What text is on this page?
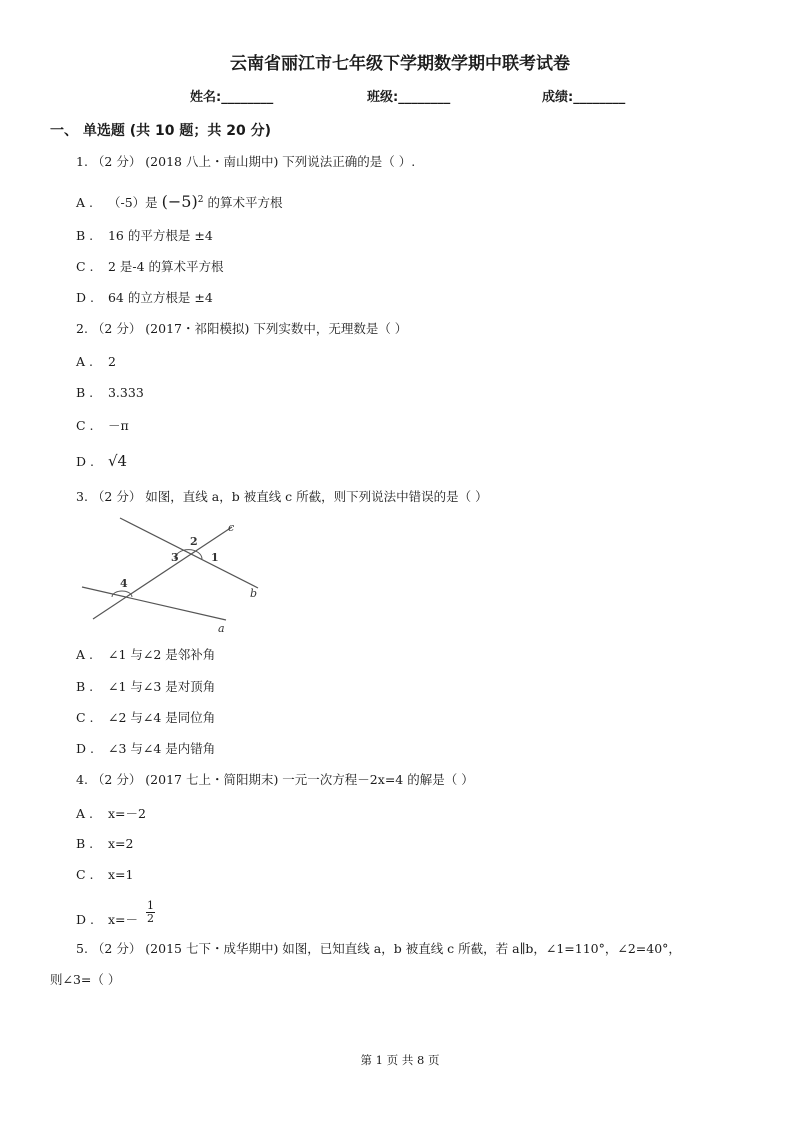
云南省丽江市七年级下学期数学期中联考试卷
姓名:________	班级:________	成绩:________
一、 单选题 (共 10 题；共 20 分)
1. （2 分） (2018 八上・南山期中) 下列说法正确的是（ ）.
A . （-5）是 $(-5)^2$ 的算术平方根
B . 16 的平方根是 ±4
C . 2 是-4 的算术平方根
D . 64 的立方根是 ±4
2. （2 分） (2017・祁阳模拟) 下列实数中，无理数是（ ）
A . 2
B . 3.333
C . －π
D . √4
3. （2 分） 如图，直线 a，b 被直线 c 所截，则下列说法中错误的是（ ）
2
3	1
4
c
b
a
A . ∠1 与∠2 是邻补角
B . ∠1 与∠3 是对顶角
C . ∠2 与∠4 是同位角
D . ∠3 与∠4 是内错角
4. （2 分） (2017 七上・简阳期末) 一元一次方程－2x=4 的解是（ ）
A . x=－2
B . x=2
C . x=1
D . $x=- \frac{1}{2}$
5. （2 分） (2015 七下・成华期中) 如图，已知直线 a，b 被直线 c 所截，若 a∥b，∠1=110°，∠2=40°，
则∠3=（ ）
第 1 页 共 8 页
